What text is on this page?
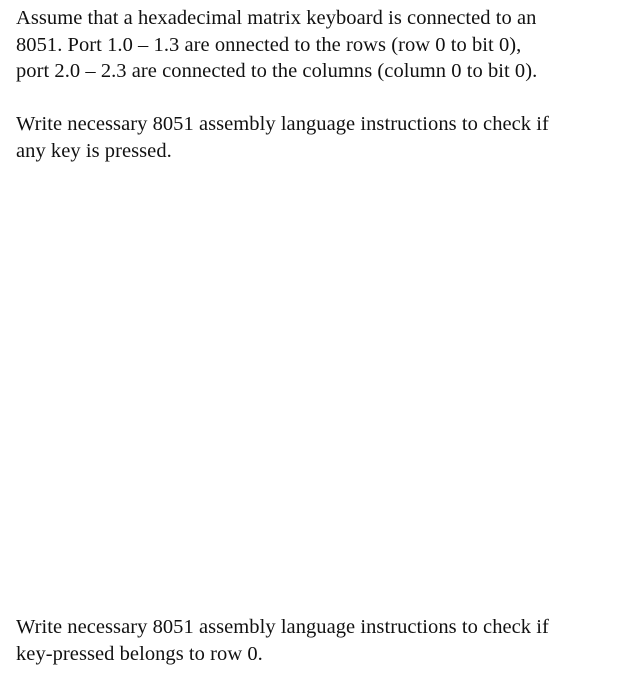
Assume that a hexadecimal matrix keyboard is connected to an
8051. Port 1.0 – 1.3 are onnected to the rows (row 0 to bit 0),
port 2.0 – 2.3 are connected to the columns (column 0 to bit 0).

Write necessary 8051 assembly language instructions to check if
any key is pressed.

Write necessary 8051 assembly language instructions to check if
key-pressed belongs to row 0.
